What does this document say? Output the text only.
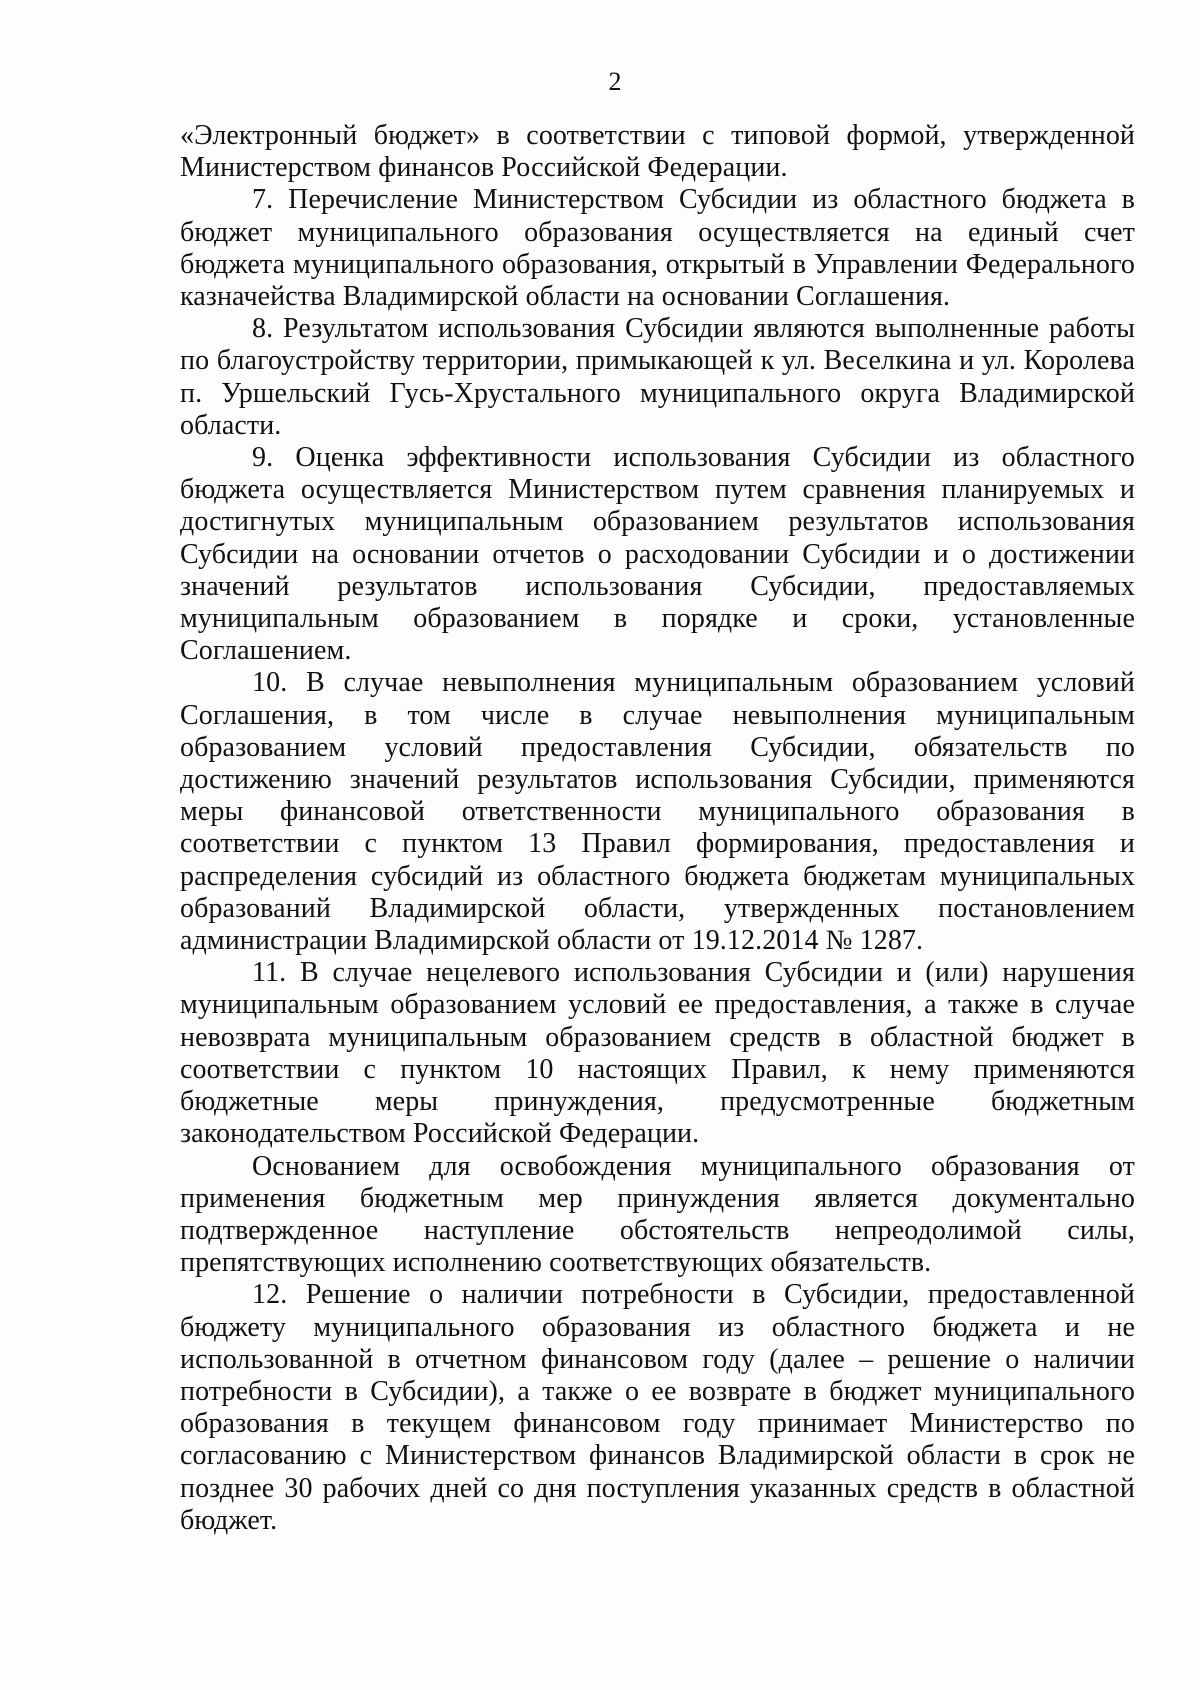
2

«Электронный бюджет» в соответствии с типовой формой, утвержденной Министерством финансов Российской Федерации.

7. Перечисление Министерством Субсидии из областного бюджета в бюджет муниципального образования осуществляется на единый счет бюджета муниципального образования, открытый в Управлении Федерального казначейства Владимирской области на основании Соглашения.

8. Результатом использования Субсидии являются выполненные работы по благоустройству территории, примыкающей к ул. Веселкина и ул. Королева п. Уршельский Гусь-Хрустального муниципального округа Владимирской области.

9. Оценка эффективности использования Субсидии из областного бюджета осуществляется Министерством путем сравнения планируемых и достигнутых муниципальным образованием результатов использования Субсидии на основании отчетов о расходовании Субсидии и о достижении значений результатов использования Субсидии, предоставляемых муниципальным образованием в порядке и сроки, установленные Соглашением.

10. В случае невыполнения муниципальным образованием условий Соглашения, в том числе в случае невыполнения муниципальным образованием условий предоставления Субсидии, обязательств по достижению значений результатов использования Субсидии, применяются меры финансовой ответственности муниципального образования в соответствии с пунктом 13 Правил формирования, предоставления и распределения субсидий из областного бюджета бюджетам муниципальных образований Владимирской области, утвержденных постановлением администрации Владимирской области от 19.12.2014 № 1287.

11. В случае нецелевого использования Субсидии и (или) нарушения муниципальным образованием условий ее предоставления, а также в случае невозврата муниципальным образованием средств в областной бюджет в соответствии с пунктом 10 настоящих Правил, к нему применяются бюджетные меры принуждения, предусмотренные бюджетным законодательством Российской Федерации.

Основанием для освобождения муниципального образования от применения бюджетным мер принуждения является документально подтвержденное наступление обстоятельств непреодолимой силы, препятствующих исполнению соответствующих обязательств.

12. Решение о наличии потребности в Субсидии, предоставленной бюджету муниципального образования из областного бюджета и не использованной в отчетном финансовом году (далее – решение о наличии потребности в Субсидии), а также о ее возврате в бюджет муниципального образования в текущем финансовом году принимает Министерство по согласованию с Министерством финансов Владимирской области в срок не позднее 30 рабочих дней со дня поступления указанных средств в областной бюджет.
